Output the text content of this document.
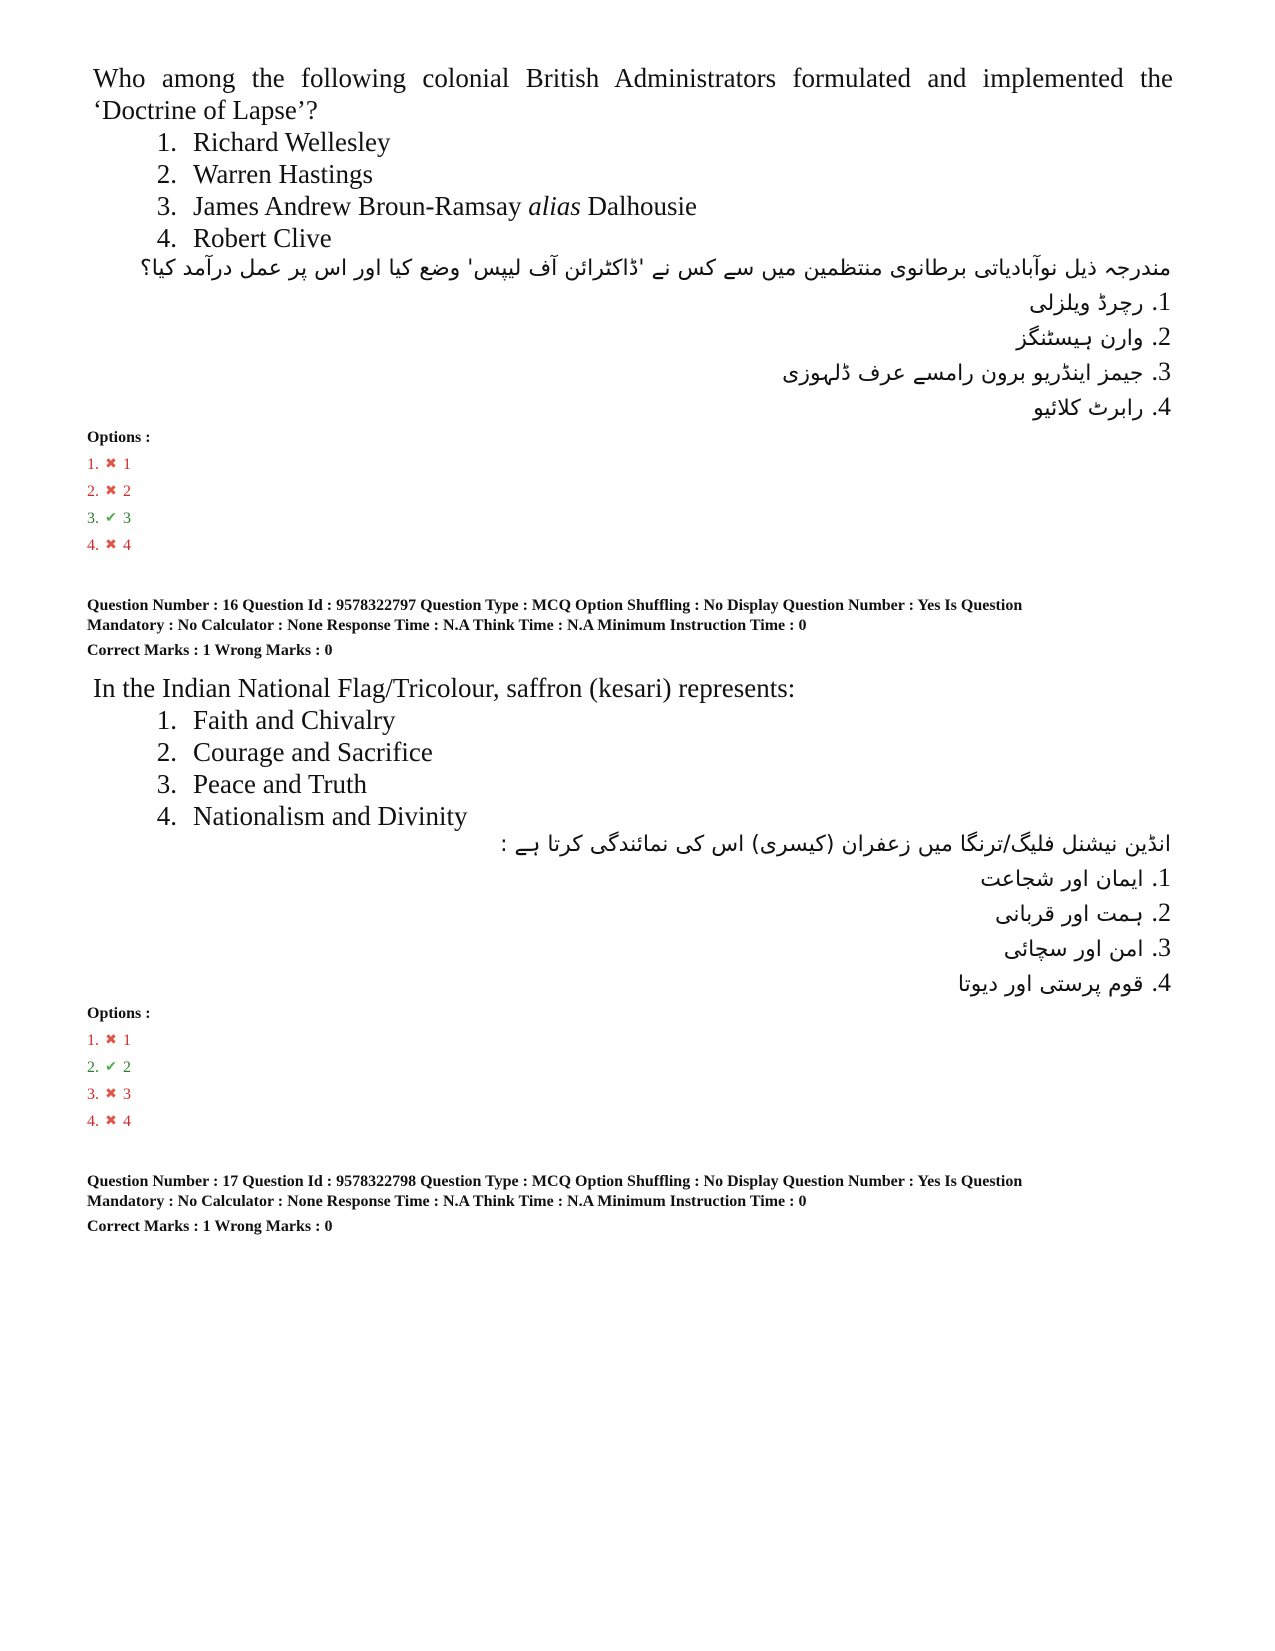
Who among the following colonial British Administrators formulated and implemented the ‘Doctrine of Lapse’?

1. Richard Wellesley
2. Warren Hastings
3. James Andrew Broun-Ramsay alias Dalhousie
4. Robert Clive

مندرجہ ذیل نوآبادیاتی برطانوی منتظمین میں سے کس نے 'ڈاکٹرائن آف لیپس' وضع کیا اور اس پر عمل درآمد کیا؟

1.رچرڈ ویلزلی
2.وارن ہیسٹنگز
3.جیمز اینڈریو برون رامسے عرف ڈلہوزی
4.رابرٹ کلائیو
Options :
1. ✖ 1
2. ✖ 2
3. ✔ 3
4. ✖ 4

Question Number : 16 Question Id : 9578322797 Question Type : MCQ Option Shuffling : No Display Question Number : Yes Is Question

Mandatory : No Calculator : None Response Time : N.A Think Time : N.A Minimum Instruction Time : 0

Correct Marks : 1 Wrong Marks : 0

In the Indian National Flag/Tricolour, saffron (kesari) represents:

1. Faith and Chivalry
2. Courage and Sacrifice
3. Peace and Truth
4. Nationalism and Divinity

انڈین نیشنل فلیگ/ترنگا میں زعفران (کیسری) اس کی نمائندگی کرتا ہے :

1.ایمان اور شجاعت
2.ہمت اور قربانی
3.امن اور سچائی
4.قوم پرستی اور دیوتا
Options :
1. ✖ 1
2. ✔ 2
3. ✖ 3
4. ✖ 4

Question Number : 17 Question Id : 9578322798 Question Type : MCQ Option Shuffling : No Display Question Number : Yes Is Question

Mandatory : No Calculator : None Response Time : N.A Think Time : N.A Minimum Instruction Time : 0

Correct Marks : 1 Wrong Marks : 0
